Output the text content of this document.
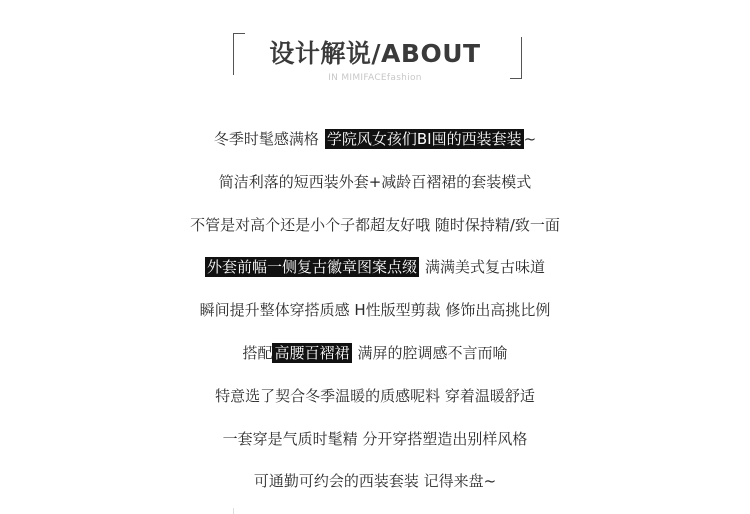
设计解说/ABOUT
IN MIMIFACEfashion
冬季时髦感满格 学院风女孩们BI囤的西装套装 ~
简洁利落的短西装外套+减龄百褶裙的套装模式
不管是对高个还是小个子都超友好哦 随时保持精/致一面
外套前幅一侧复古徽章图案点缀 满满美式复古味道
瞬间提升整体穿搭质感 H性版型剪裁 修饰出高挑比例
搭配 高腰百褶裙 满屏的腔调感不言而喻
特意选了契合冬季温暖的质感呢料 穿着温暖舒适
一套穿是气质时髦精 分开穿搭塑造出别样风格
可通勤可约会的西装套装 记得来盘~
